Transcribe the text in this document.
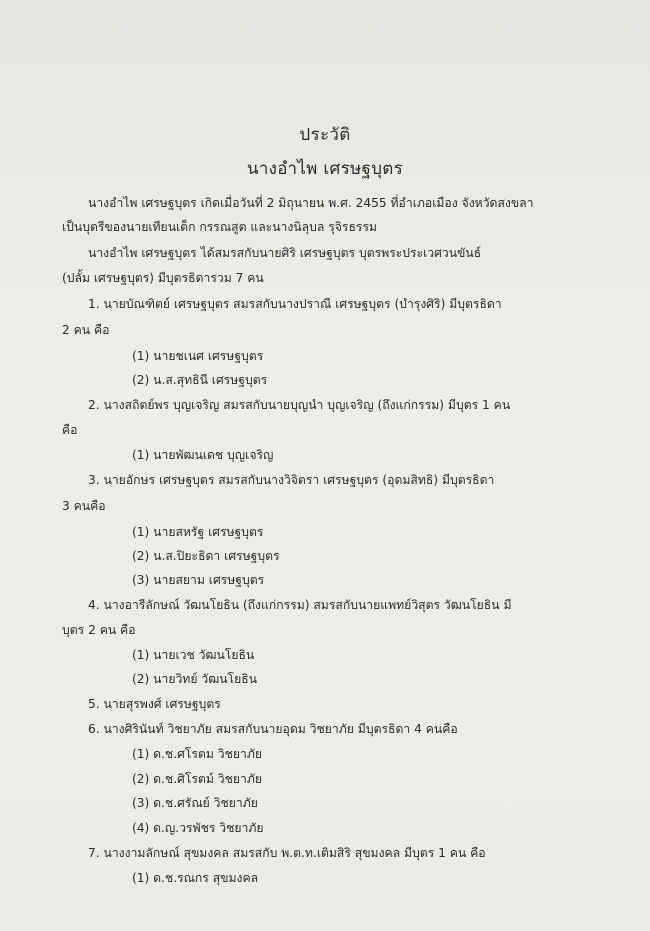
ประวัติ
นางอำไพ เศรษฐบุตร
นางอำไพ เศรษฐบุตร เกิดเมื่อวันที่ 2 มิถุนายน พ.ศ. 2455 ที่อำเภอเมือง จังหวัดสงขลา
เป็นบุตรีของนายเทียนเต็ก กรรณสูต และนางนิลุบล รุจิรธรรม
นางอำไพ เศรษฐบุตร ได้สมรสกับนายศิริ เศรษฐบุตร บุตรพระประเวศวนขันธ์
(ปลั้ม เศรษฐบุตร) มีบุตรธิดารวม 7 คน
1. นายบัณฑิตย์ เศรษฐบุตร สมรสกับนางปราณี เศรษฐบุตร (บำรุงศิริ) มีบุตรธิดา
2 คน คือ
(1) นายชเนศ เศรษฐบุตร
(2) น.ส.สุทธินี เศรษฐบุตร
2. นางสถิตย์พร บุญเจริญ สมรสกับนายบุญนำ บุญเจริญ (ถึงแก่กรรม) มีบุตร 1 คน
คือ
(1) นายพัฒนเดช บุญเจริญ
3. นายอักษร เศรษฐบุตร สมรสกับนางวิจิตรา เศรษฐบุตร (อุดมสิทธิ) มีบุตรธิดา
3 คนคือ
(1) นายสหรัฐ เศรษฐบุตร
(2) น.ส.ปิยะธิดา เศรษฐบุตร
(3) นายสยาม เศรษฐบุตร
4. นางอารีลักษณ์ วัฒนโยธิน (ถึงแก่กรรม) สมรสกับนายแพทย์วิสุตร วัฒนโยธิน มี
บุตร 2 คน คือ
(1) นายเวช วัฒนโยธิน
(2) นายวิทย์ วัฒนโยธิน
5. นายสุรพงศ์ เศรษฐบุตร
6. นางศิรินันท์ วิชยาภัย สมรสกับนายอุดม วิชยาภัย มีบุตรธิดา 4 คนคือ
(1) ด.ช.ศโรตม วิชยาภัย
(2) ด.ช.ศิโรตม์ วิชยาภัย
(3) ด.ช.ศรัณย์ วิชยาภัย
(4) ด.ญ.วรพัชร วิชยาภัย
7. นางงามลักษณ์ สุขมงคล สมรสกับ พ.ต.ท.เติมสิริ สุขมงคล มีบุตร 1 คน คือ
(1) ด.ช.รณกร สุขมงคล
